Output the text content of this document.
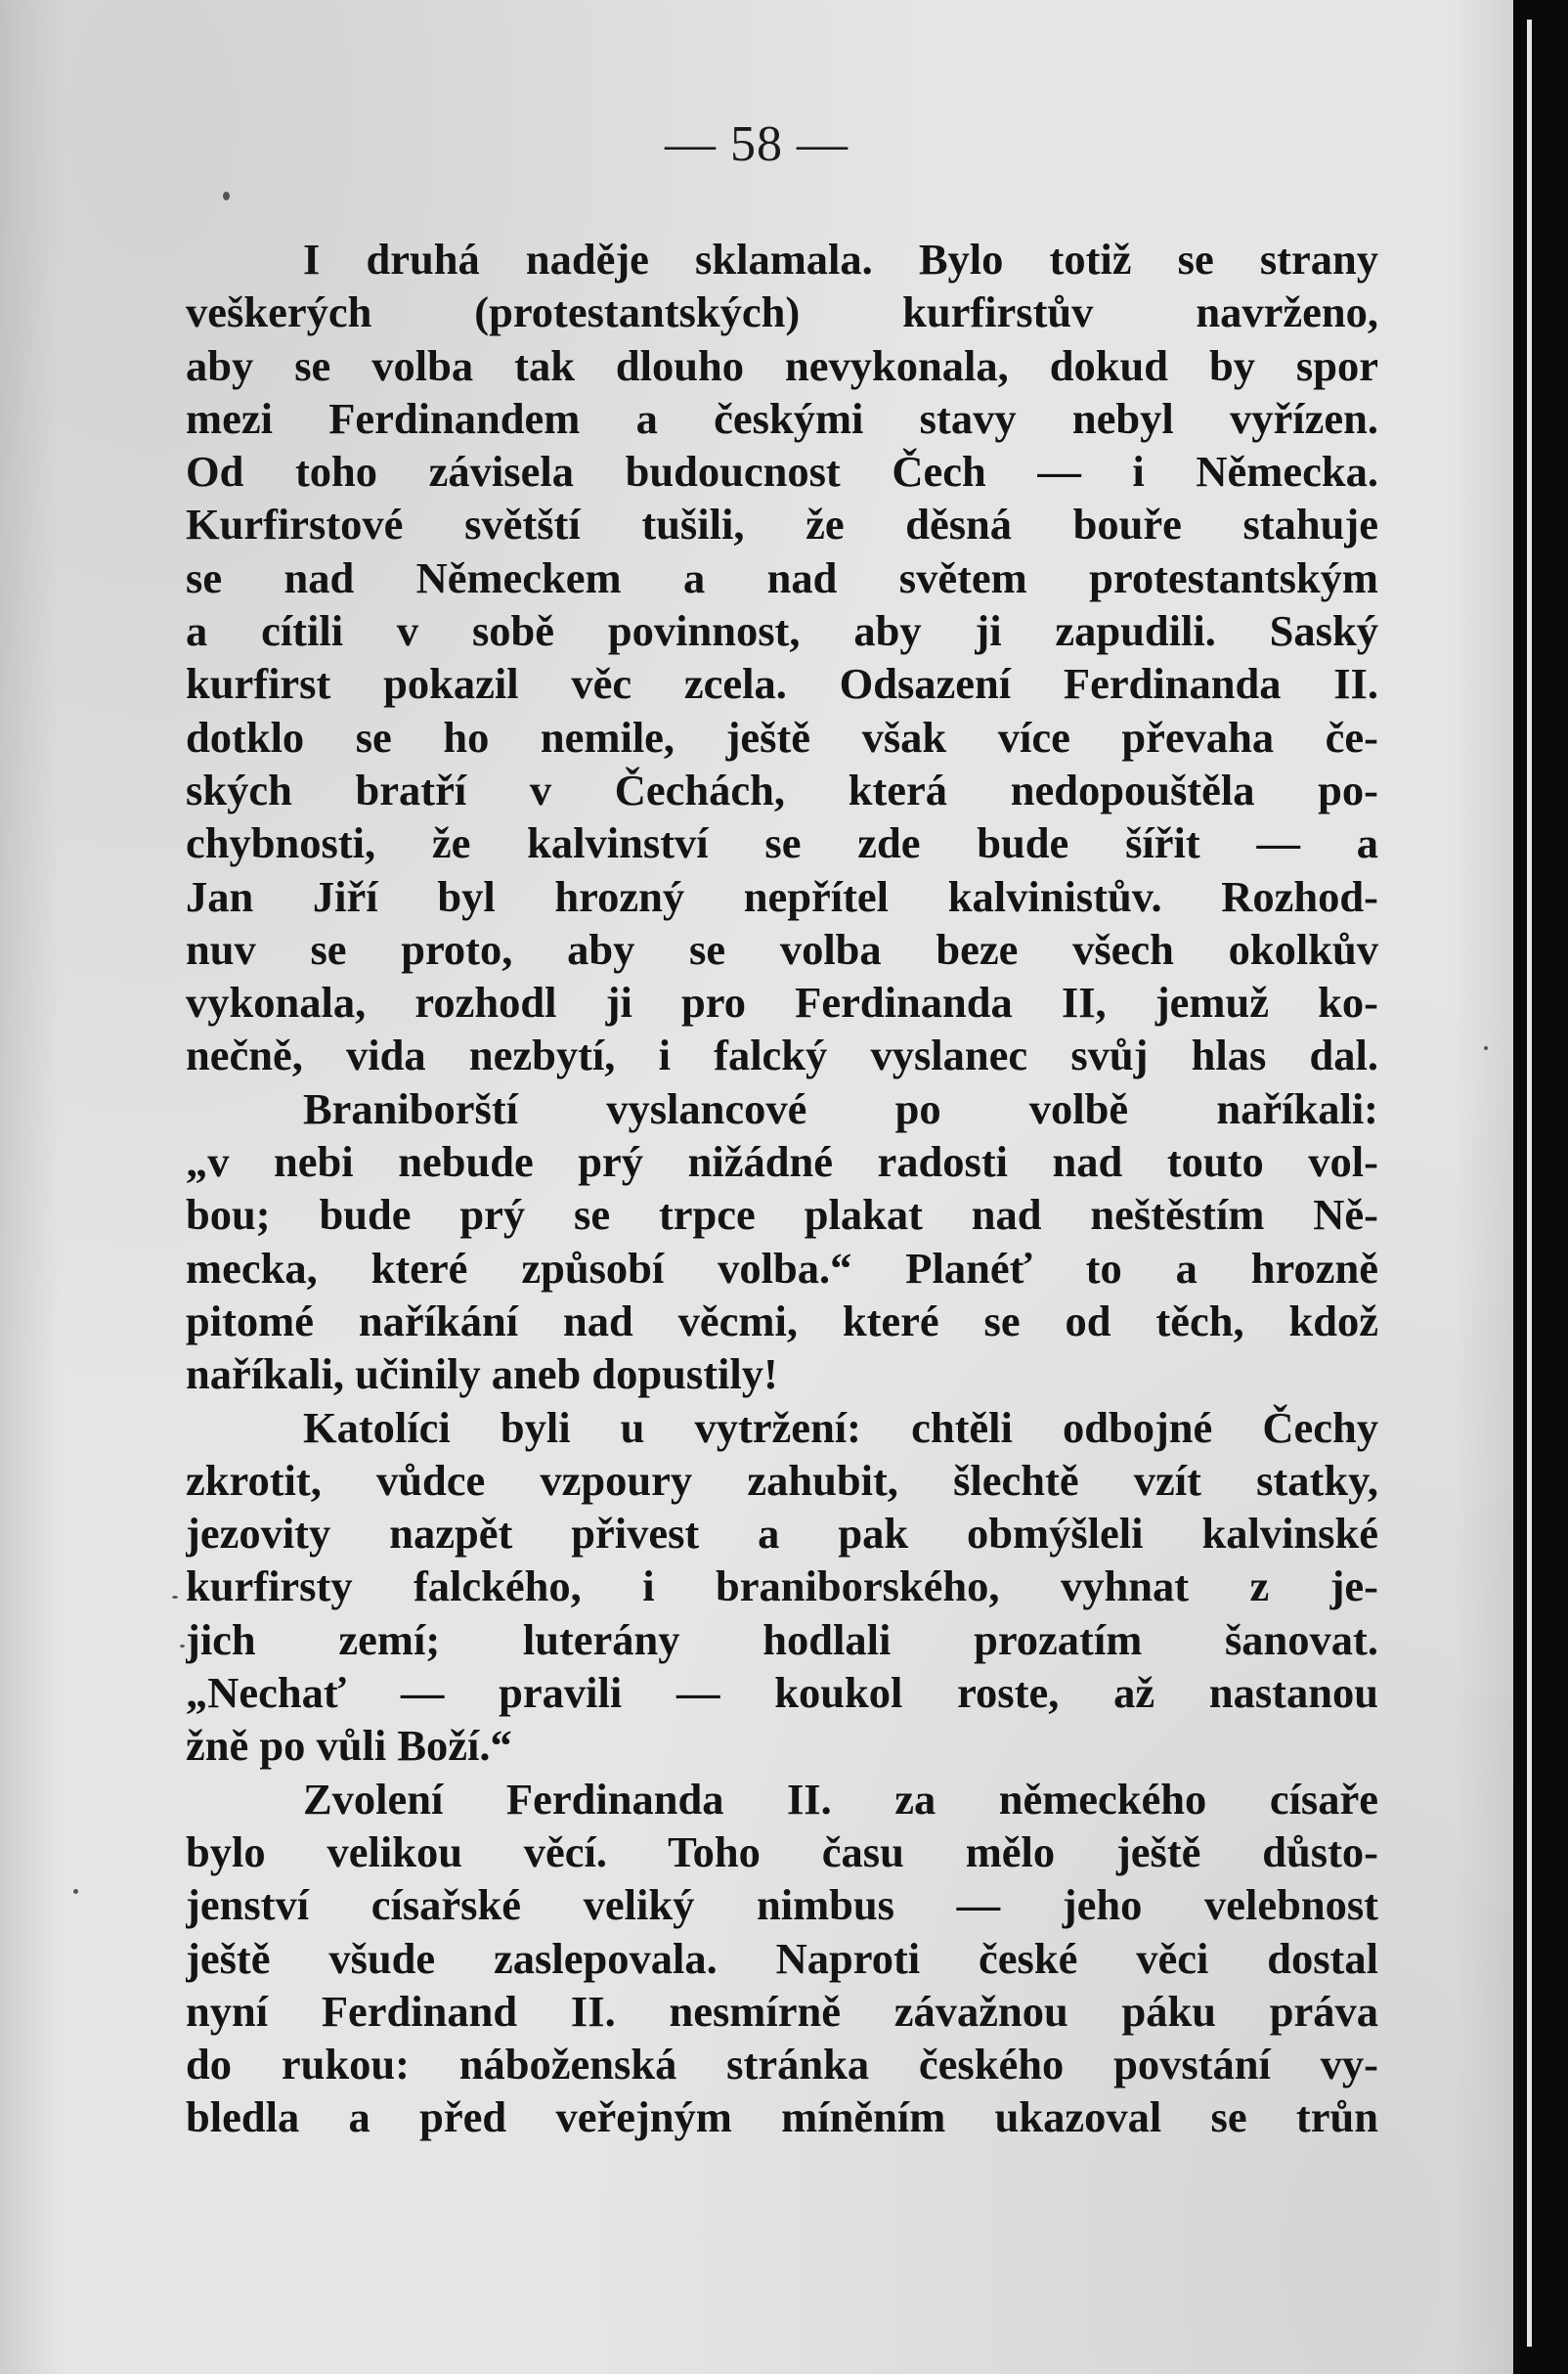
— 58 —
I druhá naděje sklamala. Bylo totiž se strany
veškerých (protestantských) kurfirstův navrženo,
aby se volba tak dlouho nevykonala, dokud by spor
mezi Ferdinandem a českými stavy nebyl vyřízen.
Od toho závisela budoucnost Čech — i Německa.
Kurfirstové světští tušili, že děsná bouře stahuje
se nad Německem a nad světem protestantským
a cítili v sobě povinnost, aby ji zapudili. Saský
kurfirst pokazil věc zcela. Odsazení Ferdinanda II.
dotklo se ho nemile, ještě však více převaha če-
ských bratří v Čechách, která nedopouštěla po-
chybnosti, že kalvinství se zde bude šířit — a
Jan Jiří byl hrozný nepřítel kalvinistův. Rozhod-
nuv se proto, aby se volba beze všech okolkův
vykonala, rozhodl ji pro Ferdinanda II, jemuž ko-
nečně, vida nezbytí, i falcký vyslanec svůj hlas dal.
Braniborští vyslancové po volbě naříkali:
„v nebi nebude prý nižádné radosti nad touto vol-
bou; bude prý se trpce plakat nad neštěstím Ně-
mecka, které způsobí volba.“ Planéť to a hrozně
pitomé naříkání nad věcmi, které se od těch, kdož
naříkali, učinily aneb dopustily!
Katolíci byli u vytržení: chtěli odbojné Čechy
zkrotit, vůdce vzpoury zahubit, šlechtě vzít statky,
jezovity nazpět přivest a pak obmýšleli kalvinské
kurfirsty falckého, i braniborského, vyhnat z je-
jich zemí; luterány hodlali prozatím šanovat.
„Nechať — pravili — koukol roste, až nastanou
žně po vůli Boží.“
Zvolení Ferdinanda II. za německého císaře
bylo velikou věcí. Toho času mělo ještě důsto-
jenství císařské veliký nimbus — jeho velebnost
ještě všude zaslepovala. Naproti české věci dostal
nyní Ferdinand II. nesmírně závažnou páku práva
do rukou: náboženská stránka českého povstání vy-
bledla a před veřejným míněním ukazoval se trůn
